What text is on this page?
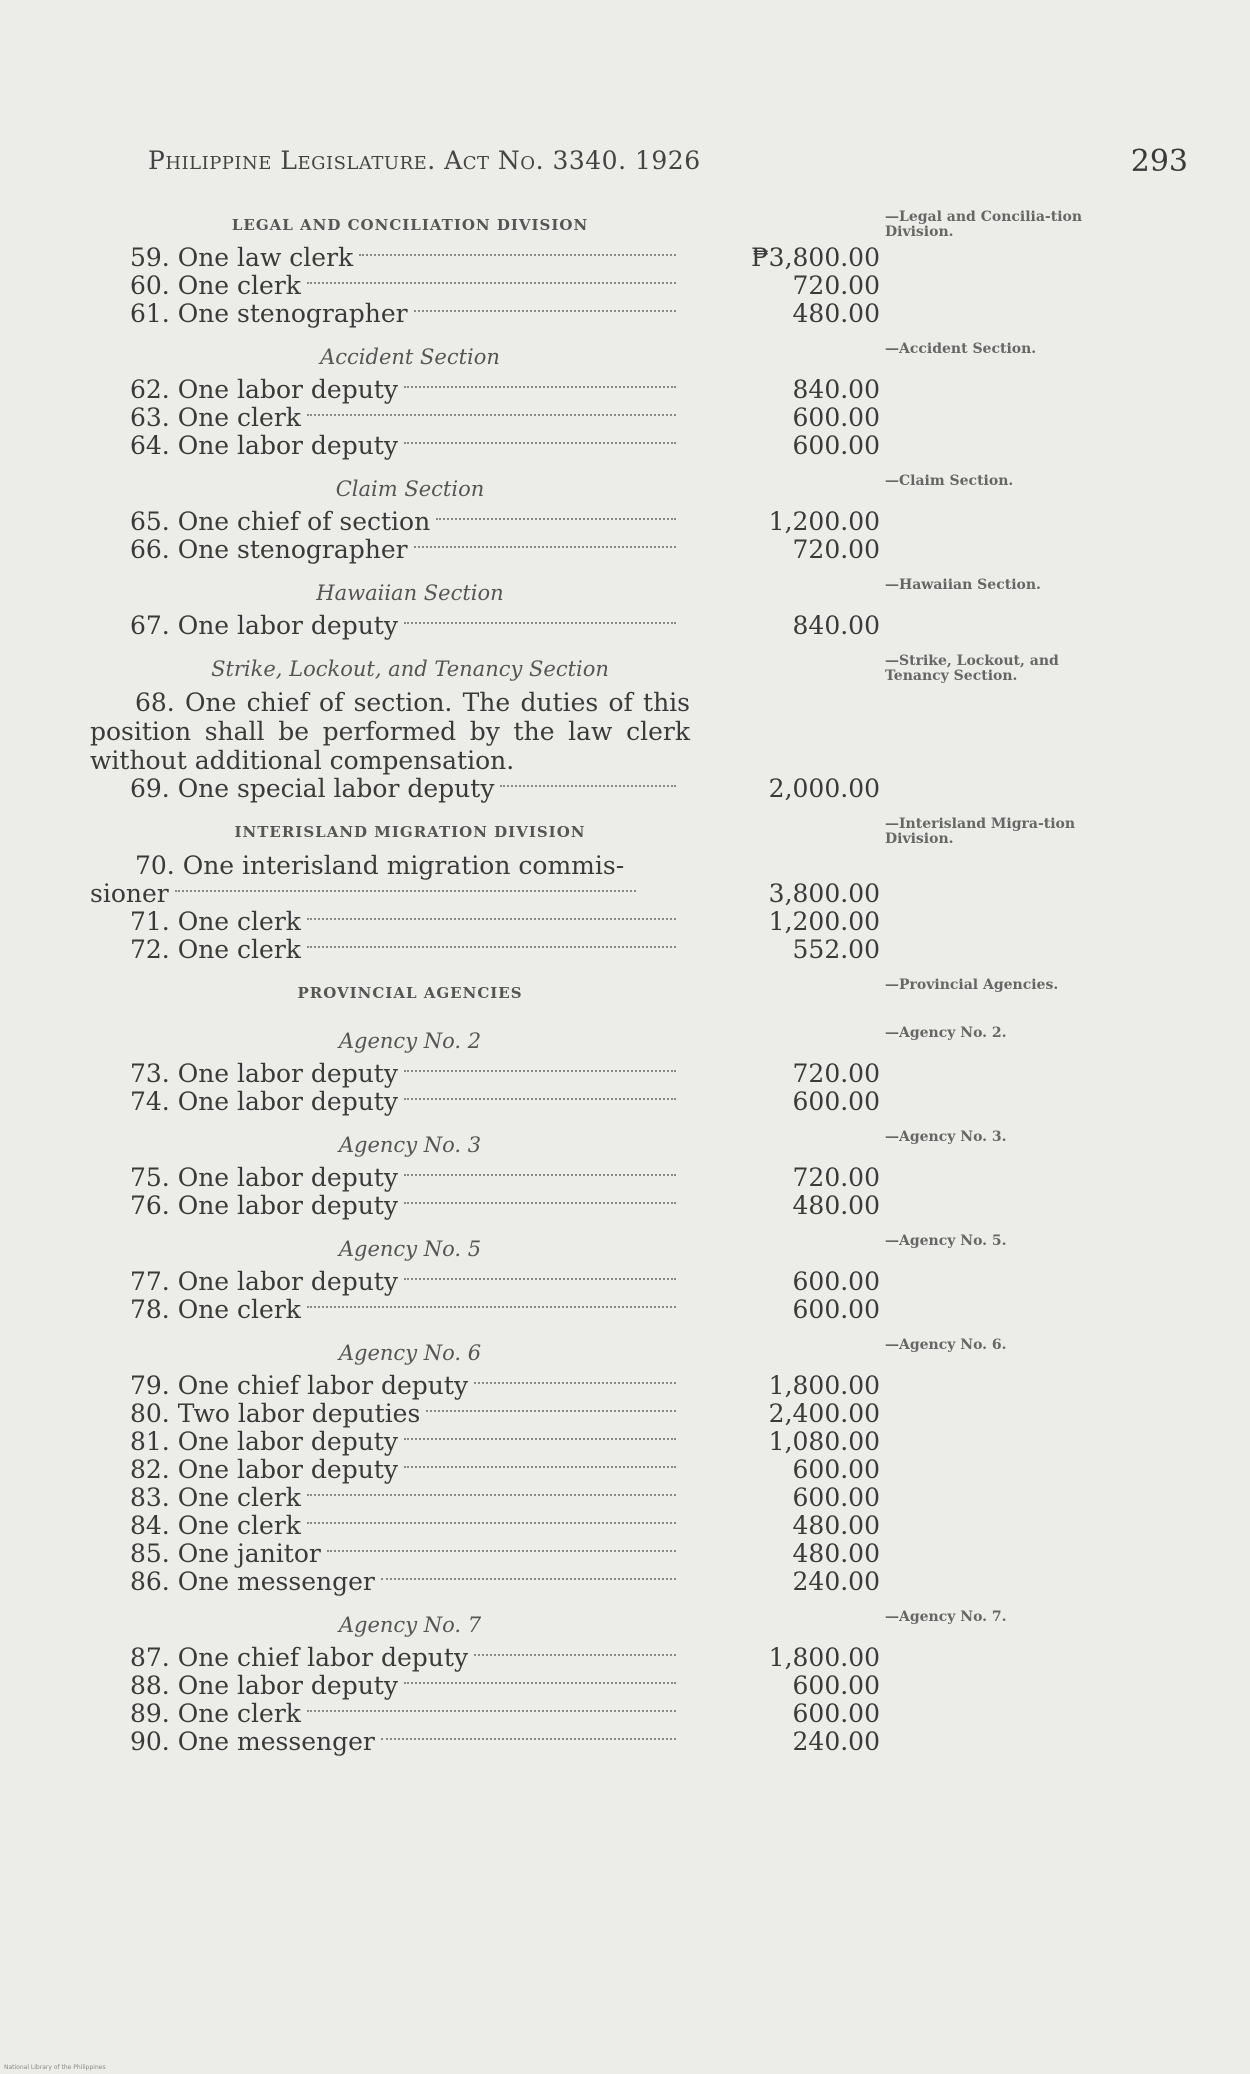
Philippine Legislature. Act No. 3340. 1926	293
LEGAL AND CONCILIATION DIVISION	—Legal and Concilia-tion Division.
59. One law clerk	₱3,800.00
60. One clerk	720.00
61. One stenographer	480.00
Accident Section	—Accident Section.
62. One labor deputy	840.00
63. One clerk	600.00
64. One labor deputy	600.00
Claim Section	—Claim Section.
65. One chief of section	1,200.00
66. One stenographer	720.00
Hawaiian Section	—Hawaiian Section.
67. One labor deputy	840.00
Strike, Lockout, and Tenancy Section	—Strike, Lockout, and Tenancy Section.
68. One chief of section. The duties of this position shall be performed by the law clerk without additional compensation.
69. One special labor deputy	2,000.00
INTERISLAND MIGRATION DIVISION	—Interisland Migra-tion Division.
70. One interisland migration commis-
sioner	3,800.00
71. One clerk	1,200.00
72. One clerk	552.00
PROVINCIAL AGENCIES	—Provincial Agencies.
Agency No. 2	—Agency No. 2.
73. One labor deputy	720.00
74. One labor deputy	600.00
Agency No. 3	—Agency No. 3.
75. One labor deputy	720.00
76. One labor deputy	480.00
Agency No. 5	—Agency No. 5.
77. One labor deputy	600.00
78. One clerk	600.00
Agency No. 6	—Agency No. 6.
79. One chief labor deputy	1,800.00
80. Two labor deputies	2,400.00
81. One labor deputy	1,080.00
82. One labor deputy	600.00
83. One clerk	600.00
84. One clerk	480.00
85. One janitor	480.00
86. One messenger	240.00
Agency No. 7	—Agency No. 7.
87. One chief labor deputy	1,800.00
88. One labor deputy	600.00
89. One clerk	600.00
90. One messenger	240.00
National Library of the Philippines
